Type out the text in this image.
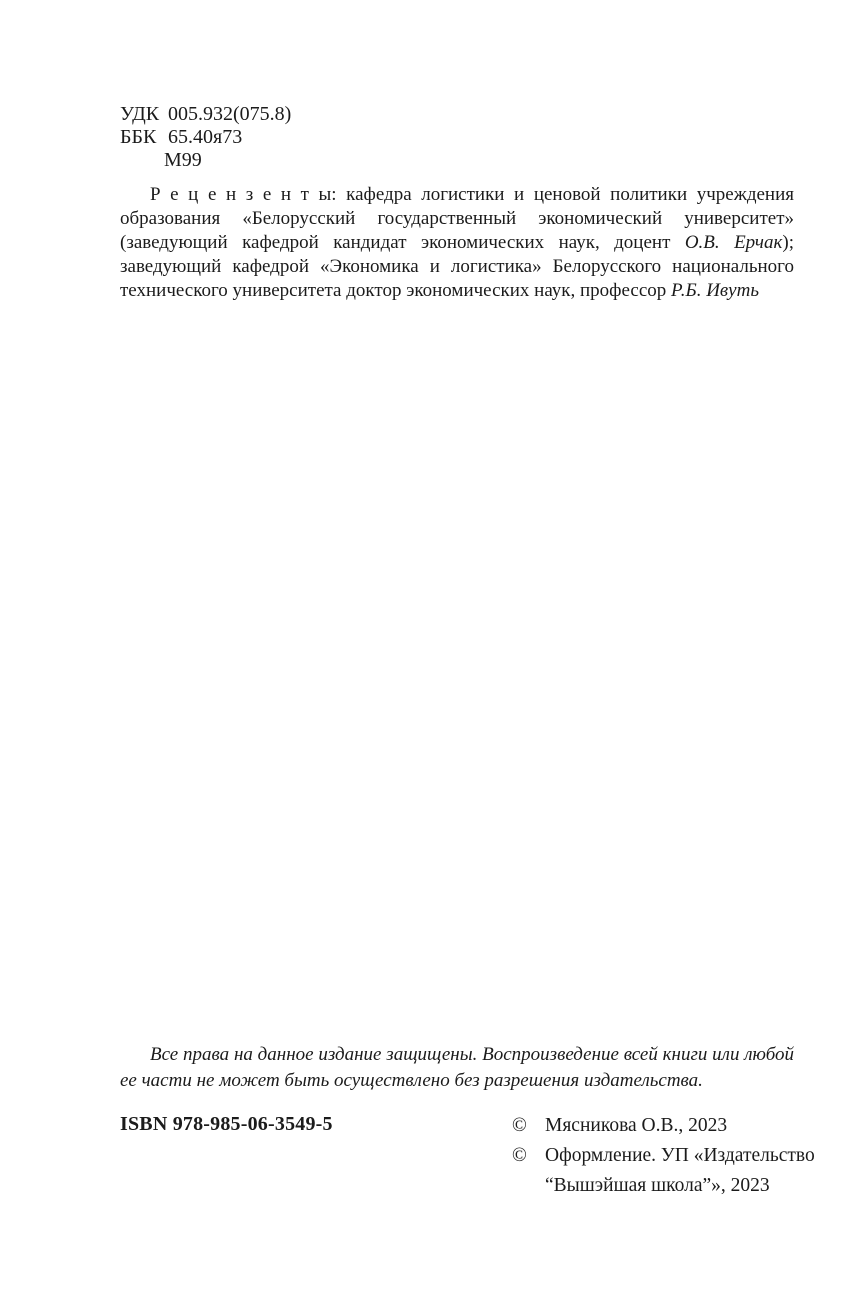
УДК 005.932(075.8)
ББК 65.40я73
М99

Р е ц е н з е н т ы: кафедра логистики и ценовой политики учреждения образования «Белорусский государственный экономический университет» (заведующий кафедрой кандидат экономических наук, доцент О.В. Ерчак); заведующий кафедрой «Экономика и логистика» Белорусского национального технического университета доктор экономических наук, профессор Р.Б. Ивуть

Все права на данное издание защищены. Воспроизведение всей книги или любой ее части не может быть осуществлено без разрешения издательства.

ISBN 978-985-06-3549-5	© Мясникова О.В., 2023
© Оформление. УП «Издательство
“Вышэйшая школа”», 2023
